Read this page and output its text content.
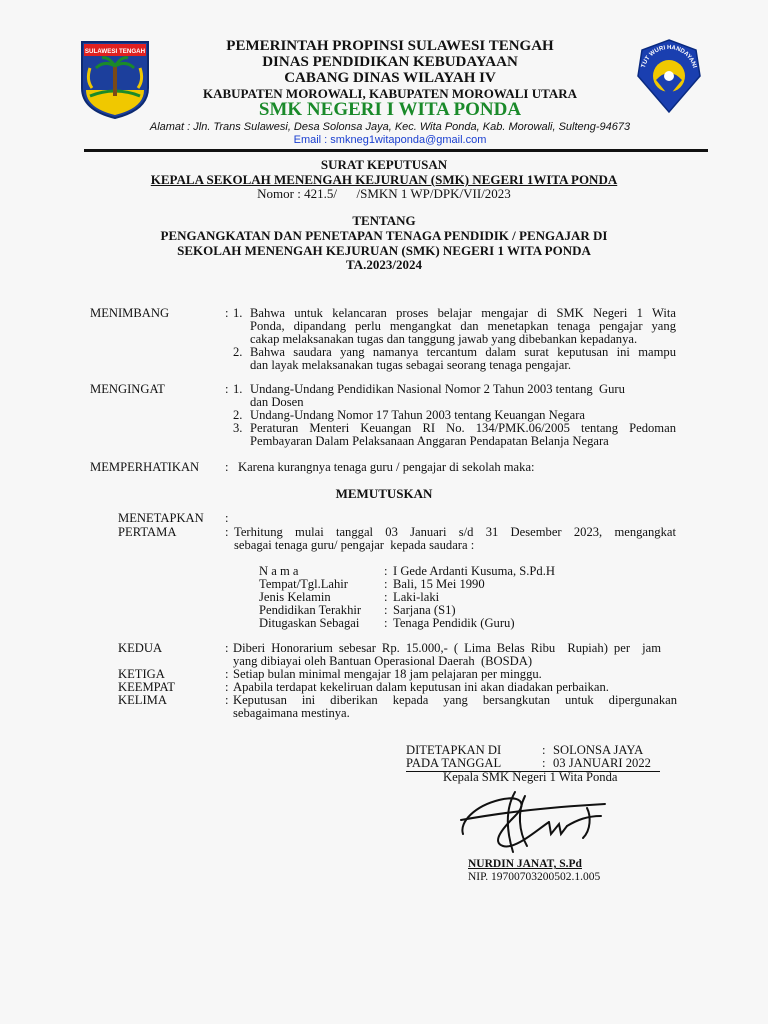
SULAWESI TENGAH	PEMERINTAH PROPINSI SULAWESI TENGAH
DINAS PENDIDIKAN KEBUDAYAAN
CABANG DINAS WILAYAH IV
KABUPATEN MOROWALI, KABUPATEN MOROWALI UTARA
SMK NEGERI I WITA PONDA
Alamat : Jln. Trans Sulawesi, Desa Solonsa Jaya, Kec. Wita Ponda, Kab. Morowali, Sulteng-94673
Email : smkneg1witaponda@gmail.com
TUT WURI HANDAYANI
SURAT KEPUTUSAN
KEPALA SEKOLAH MENENGAH KEJURUAN (SMK) NEGERI 1WITA PONDA
Nomor : 421.5/      /SMKN 1 WP/DPK/VII/2023
TENTANG
PENGANGKATAN DAN PENETAPAN TENAGA PENDIDIK / PENGAJAR DI
SEKOLAH MENENGAH KEJURUAN (SMK) NEGERI 1 WITA PONDA
TA.2023/2024
MENIMBANG	: 1. Bahwa untuk kelancaran proses belajar mengajar di SMK Negeri 1 Wita
Ponda, dipandang perlu mengangkat dan menetapkan tenaga pengajar yang
cakap melaksanakan tugas dan tanggung jawab yang dibebankan kepadanya.
2. Bahwa saudara yang namanya tercantum dalam surat keputusan ini mampu
dan layak melaksanakan tugas sebagai seorang tenaga pengajar.
MENGINGAT	: 1. Undang-Undang Pendidikan Nasional Nomor 2 Tahun 2003 tentang  Guru
dan Dosen
2. Undang-Undang Nomor 17 Tahun 2003 tentang Keuangan Negara
3. Peraturan Menteri Keuangan RI No. 134/PMK.06/2005 tentang Pedoman
Pembayaran Dalam Pelaksanaan Anggaran Pendapatan Belanja Negara
MEMPERHATIKAN : Karena kurangnya tenaga guru / pengajar di sekolah maka:
MEMUTUSKAN
MENETAPKAN :
PERTAMA	: Terhitung mulai tanggal 03 Januari s/d 31 Desember 2023, mengangkat
sebagai tenaga guru/ pengajar  kepada saudara :
N a m a	: I Gede Ardanti Kusuma, S.Pd.H
Tempat/Tgl.Lahir	: Bali, 15 Mei 1990
Jenis Kelamin	: Laki-laki
Pendidikan Terakhir : Sarjana (S1)
Ditugaskan Sebagai : Tenaga Pendidik (Guru)
KEDUA	: Diberi Honorarium sebesar Rp. 15.000,- ( Lima Belas Ribu  Rupiah) per  jam
yang dibiayai oleh Bantuan Operasional Daerah  (BOSDA)
KETIGA	: Setiap bulan minimal mengajar 18 jam pelajaran per minggu.
KEEMPAT	: Apabila terdapat kekeliruan dalam keputusan ini akan diadakan perbaikan.
KELIMA	: Keputusan  ini  diberikan  kepada  yang  bersangkutan  untuk  dipergunakan
sebagaimana mestinya.
DITETAPKAN DI	: SOLONSA JAYA
PADA TANGGAL	: 03 JANUARI 2022
Kepala SMK Negeri 1 Wita Ponda
NURDIN JANAT, S.Pd
NIP. 19700703200502.1.005
